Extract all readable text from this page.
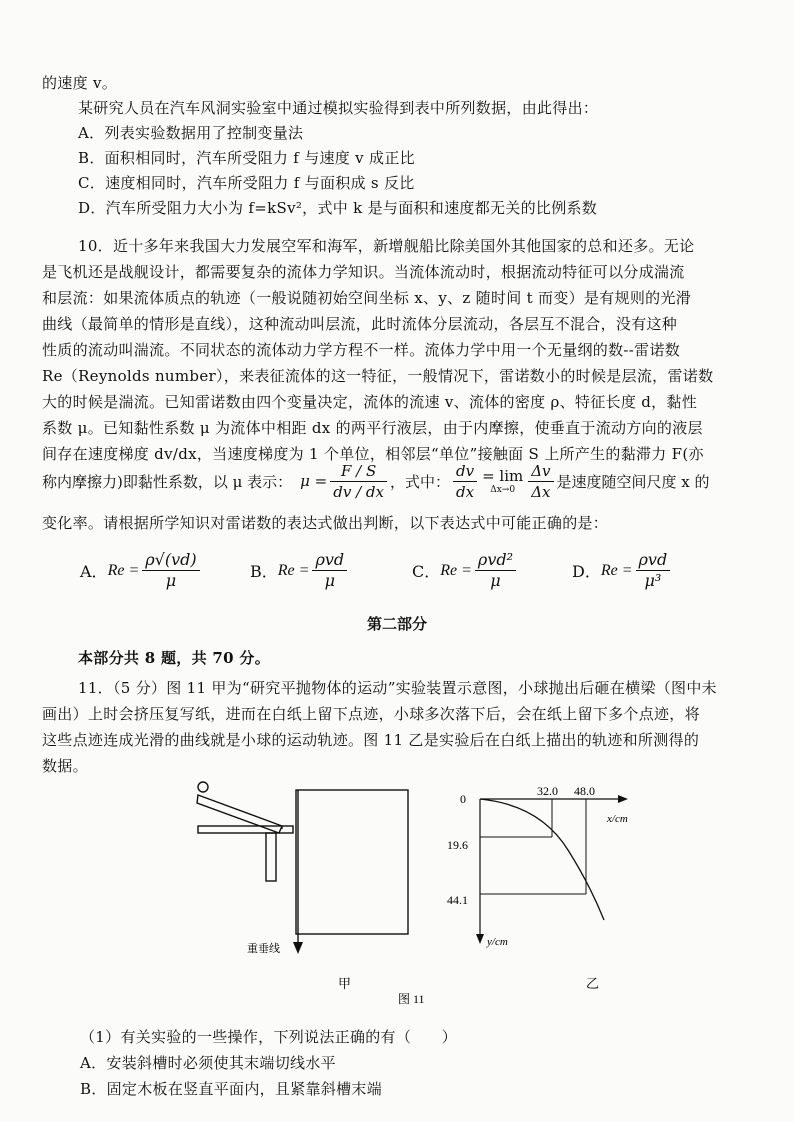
的速度 v。
某研究人员在汽车风洞实验室中通过模拟实验得到表中所列数据，由此得出：
A．列表实验数据用了控制变量法
B．面积相同时，汽车所受阻力 f 与速度 v 成正比
C．速度相同时，汽车所受阻力 f 与面积成 s 反比
D．汽车所受阻力大小为 f=kSv²，式中 k 是与面积和速度都无关的比例系数
10．近十多年来我国大力发展空军和海军，新增舰船比除美国外其他国家的总和还多。无论
是飞机还是战舰设计，都需要复杂的流体力学知识。当流体流动时，根据流动特征可以分成湍流
和层流：如果流体质点的轨迹（一般说随初始空间坐标 x、y、z 随时间 t 而变）是有规则的光滑
曲线（最简单的情形是直线），这种流动叫层流，此时流体分层流动，各层互不混合，没有这种
性质的流动叫湍流。不同状态的流体动力学方程不一样。流体力学中用一个无量纲的数--雷诺数
Re（Reynolds number），来表征流体的这一特征，一般情况下，雷诺数小的时候是层流，雷诺数
大的时候是湍流。已知雷诺数由四个变量决定，流体的流速 v、流体的密度 ρ、特征长度 d，黏性
系数 μ。已知黏性系数 μ 为流体中相距 dx 的两平行液层，由于内摩擦，使垂直于流动方向的液层
间存在速度梯度 dv/dx，当速度梯度为 1 个单位，相邻层“单位”接触面 S 上所产生的黏滞力 F(亦
称内摩擦力)即黏性系数，以 μ 表示： $\mu = \frac{F / S}{dv / dx}$ ，式中： $\frac{dv}{dx} = \lim$
$\Delta x\to 0 \frac{\Delta v}{\Delta x}$ 是速度随空间尺度 x 的
变化率。请根据所学知识对雷诺数的表达式做出判断，以下表达式中可能正确的是：
A． $Re = \frac{\rho√(vd)}{\mu}$	B． $Re = \frac{\text{ρvd}}{\mu}$	C． $Re = \frac{\text{ρvd²}}{\mu}$	D． $Re = \frac{\text{ρvd}}{\text{μ³}}$
第二部分
本部分共 8 题，共 70 分。
11．（5 分）图 11 甲为“研究平抛物体的运动”实验装置示意图，小球抛出后砸在横梁（图中未
画出）上时会挤压复写纸，进而在白纸上留下点迹，小球多次落下后，会在纸上留下多个点迹，将
这些点迹连成光滑的曲线就是小球的运动轨迹。图 11 乙是实验后在白纸上描出的轨迹和所测得的
数据。
重垂线
甲
0
32.0 48.0
x/cm
19.6
44.1
y/cm
乙
图 11
（1）有关实验的一些操作，下列说法正确的有（　　）
A．安装斜槽时必须使其末端切线水平
B．固定木板在竖直平面内，且紧靠斜槽末端
